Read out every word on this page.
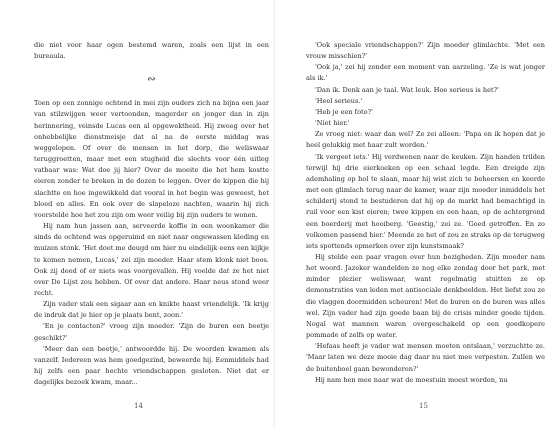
die niet voor haar ogen bestemd waren, zoals een lijst in een bureaula.

∾

Toen op een zonnige ochtend in mei zijn ouders zich na bijna een jaar van stilzwijgen weer vertoonden, magerder en jonger dan in zijn herinnering, veinsde Lucas een al opgewektheid. Hij zweeg over het onhebbelijke dienstmeisje dat al na de eerste middag was weggelopen. Of over de mensen in het dorp, die weliswaar teruggroetten, maar met een stugheid die slechts voor één uitleg vatbaar was: Wat doe jij hier? Over de moeite die het hem kostte eieren zonder te breken in de dozen te leggen. Over de kippen die hij slachtte en hoe ingewikkeld dat vooral in het begin was geweest, het bloed en alles. En ook over de slapeloze nachten, waarin hij zich voorstelde hoe het zou zijn om weer veilig bij zijn ouders te wonen.

Hij nam hun jassen aan, serveerde koffie in een woonkamer die sinds de ochtend was opgeruimd en niet naar ongewassen kleding en muizen stonk. 'Het doet me deugd om hier nu eindelijk eens een kijkje te komen nemen, Lucas,' zei zijn moeder. Haar stem klonk niet boos. Ook zij deed of er niets was voorgevallen. Hij voelde dat ze het niet over De Lijst zou hebben. Of over dat andere. Haar neus stond weer recht.

Zijn vader stak een sigaar aan en knikte haast vriendelijk. 'Ik krijg de indruk dat je hier op je plaats bent, zoon.'

'En je contacten?' vroeg zijn moeder. 'Zijn de buren een beetje geschikt?'

'Meer dan een beetje,' antwoordde hij. De woorden kwamen als vanzelf. Iedereen was hem goedgezind, beweerde hij. Eenmiddels had hij zelfs een paar hechte vriendschappen gesloten. Niet dat er dagelijks bezoek kwam, maar...

14

'Ook speciale vriendschappen?' Zijn moeder glimlachte. 'Met een vrouw misschien?'

'Ook ja,' zei hij zonder een moment van aarzeling. 'Ze is wat jonger als ik.'

'Dan ik. Denk aan je taal. Wat leuk. Hoe serieus is het?'

'Heel serieus.'

'Heb je een foto?'

'Niet hier.'

Ze vroeg niet: waar dan wel? Ze zei alleen: 'Papa en ik hopen dat je heel gelukkig met haar zult worden.'

'Ik vergeet iets.' Hij verdwenen naar de keuken. Zijn handen trilden terwijl hij drie eierkoeken op een schaal legde. Een dreigde zijn ademhaling op hol te slaan, maar hij wist zich te beheersen en keerde met een glimlach terug naar de kamer, waar zijn moeder inmiddels het schilderij stond te bestuderen dat hij op de markt had bemachtigd in ruil voor een kist eieren; twee kippen en een haan, op de achtergrond een boerderij met hooiberg. 'Geestig,' zei ze. 'Goed getroffen. En zo volkomen passend hier.' Meende ze het of zou ze straks op de terugweg iets spottends opmerken over zijn kunstsmaak?

Hij stelde een paar vragen over hun bezigheden. Zijn moeder nam het woord. Jazeker wandelden ze nog elke zondag door het park, met minder plezier weliswaar, want regelmatig stuitten ze op demonstraties van leden met antisociale denkbeelden. Het liefst zou ze die vlaggen doormidden scheuren! Met de buren en de buren was alles wel. Zijn vader had zijn goede baan bij de crisis minder goede tijden. Nogal wat mannen waren overgeschakeld op een goedkopere pommade of zelfs op water.

'Hefaas heeft je vader wat mensen moeten ontslaan,' verzuchtte ze. 'Maar laten we deze mooie dag daar nu niet mee verpesten. Zullen we de buitenboel gaan bewonderen?'

Hij nam hen mee naar wat de moestuin moest worden, nu

15
